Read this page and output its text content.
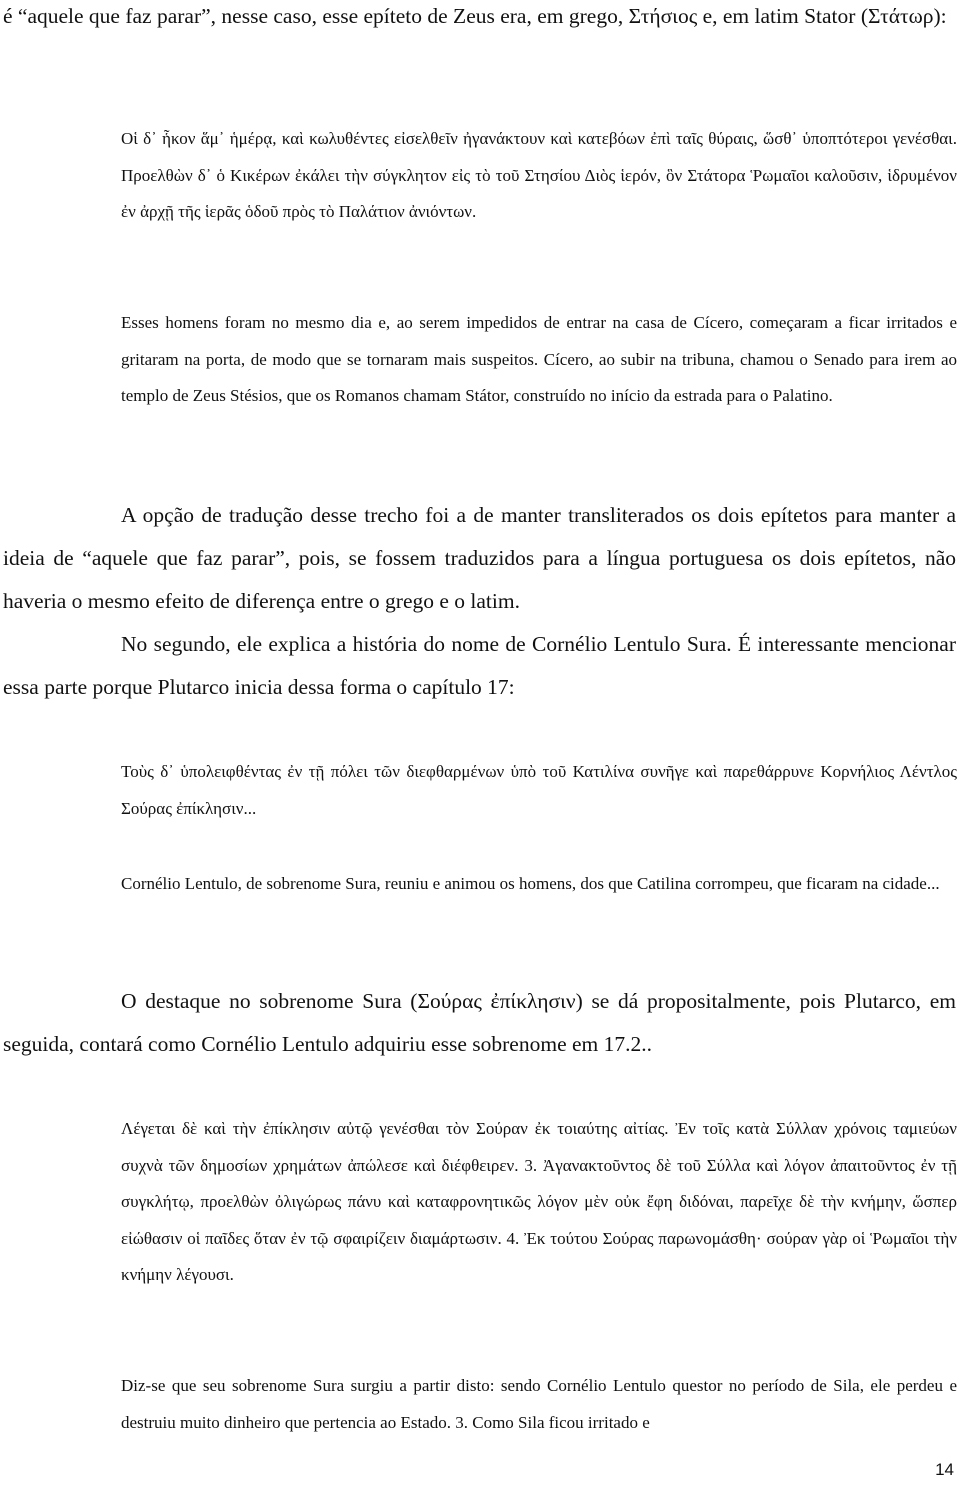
é “aquele que faz parar”, nesse caso, esse epíteto de Zeus era, em grego, Στήσιος e, em latim Stator (Στάτωρ):

Οἱ δ᾽ ἧκον ἅμ᾽ ἡμέρᾳ, καὶ κωλυθέντες εἰσελθεῖν ἠγανάκτουν καὶ κατεβόων ἐπὶ ταῖς θύραις, ὥσθ᾽ ὑποπτότεροι γενέσθαι. Προελθὼν δ᾽ ὁ Κικέρων ἐκάλει τὴν σύγκλητον εἰς τὸ τοῦ Στησίου Διὸς ἱερόν, ὃν Στάτορα Ῥωμαῖοι καλοῦσιν, ἱδρυμένον ἐν ἀρχῇ τῆς ἱερᾶς ὁδοῦ πρὸς τὸ Παλάτιον ἀνιόντων.

Esses homens foram no mesmo dia e, ao serem impedidos de entrar na casa de Cícero, começaram a ficar irritados e gritaram na porta, de modo que se tornaram mais suspeitos. Cícero, ao subir na tribuna, chamou o Senado para irem ao templo de Zeus Stésios, que os Romanos chamam Státor, construído no início da estrada para o Palatino.

A opção de tradução desse trecho foi a de manter transliterados os dois epítetos para manter a ideia de “aquele que faz parar”, pois, se fossem traduzidos para a língua portuguesa os dois epítetos, não haveria o mesmo efeito de diferença entre o grego e o latim.

No segundo, ele explica a história do nome de Cornélio Lentulo Sura. É interessante mencionar essa parte porque Plutarco inicia dessa forma o capítulo 17:

Τοὺς δ᾽ ὑπολειφθέντας ἐν τῇ πόλει τῶν διεφθαρμένων ὑπὸ τοῦ Κατιλίνα συνῆγε καὶ παρεθάρρυνε Κορνήλιος Λέντλος Σούρας ἐπίκλησιν...

Cornélio Lentulo, de sobrenome Sura, reuniu e animou os homens, dos que Catilina corrompeu, que ficaram na cidade...

O destaque no sobrenome Sura (Σούρας ἐπίκλησιν) se dá propositalmente, pois Plutarco, em seguida, contará como Cornélio Lentulo adquiriu esse sobrenome em 17.2..

Λέγεται δὲ καὶ τὴν ἐπίκλησιν αὐτῷ γενέσθαι τὸν Σούραν ἐκ τοιαύτης αἰτίας. Ἐν τοῖς κατὰ Σύλλαν χρόνοις ταμιεύων συχνὰ τῶν δημοσίων χρημάτων ἀπώλεσε καὶ διέφθειρεν. 3. Ἀγανακτοῦντος δὲ τοῦ Σύλλα καὶ λόγον ἀπαιτοῦντος ἐν τῇ συγκλήτῳ, προελθὼν ὀλιγώρως πάνυ καὶ καταφρονητικῶς λόγον μὲν οὐκ ἔφη διδόναι, παρεῖχε δὲ τὴν κνήμην, ὥσπερ εἰώθασιν οἱ παῖδες ὅταν ἐν τῷ σφαιρίζειν διαμάρτωσιν. 4. Ἐκ τούτου Σούρας παρωνομάσθη· σούραν γὰρ οἱ Ῥωμαῖοι τὴν κνήμην λέγουσι.

Diz-se que seu sobrenome Sura surgiu a partir disto: sendo Cornélio Lentulo questor no período de Sila, ele perdeu e destruiu muito dinheiro que pertencia ao Estado. 3. Como Sila ficou irritado e

14
